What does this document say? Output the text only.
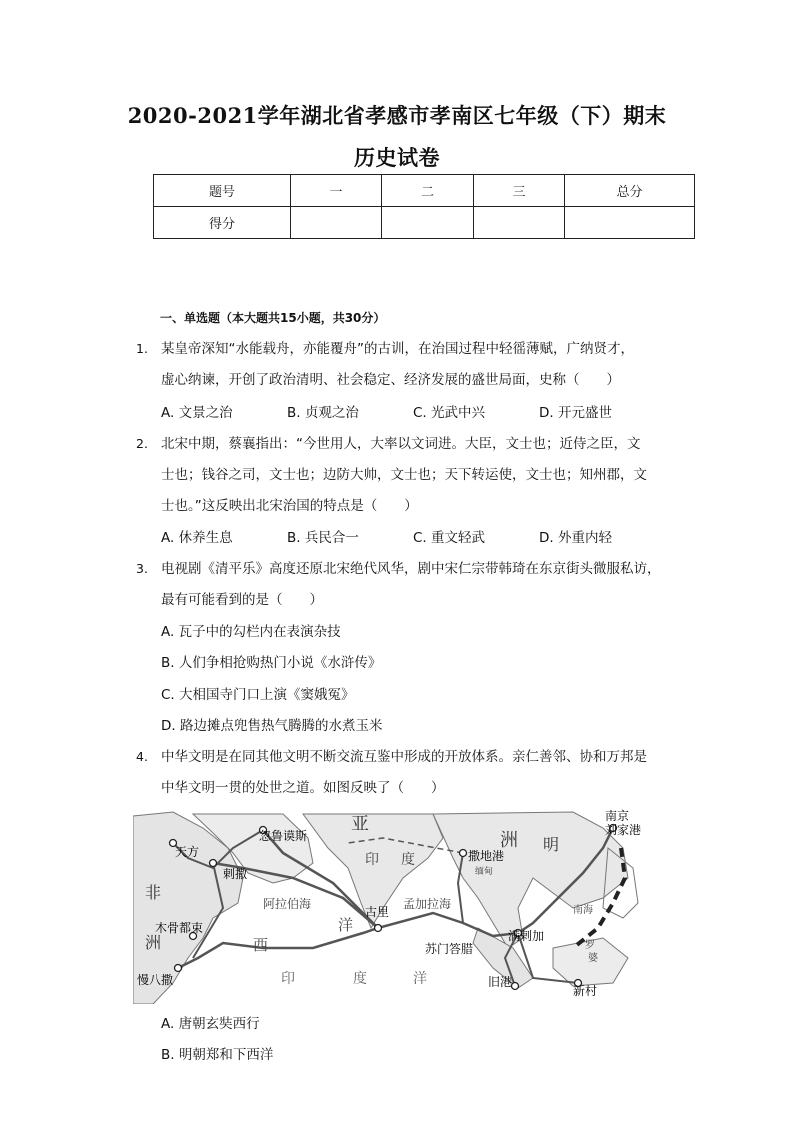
2020-2021学年湖北省孝感市孝南区七年级（下）期末
历史试卷
题号	一	二	三	总分
得分				
一、单选题（本大题共15小题，共30分）
1. 某皇帝深知“水能载舟，亦能覆舟”的古训，在治国过程中轻徭薄赋，广纳贤才，
虚心纳谏，开创了政治清明、社会稳定、经济发展的盛世局面，史称（　　）
A. 文景之治	B. 贞观之治	C. 光武中兴	D. 开元盛世
2. 北宋中期，蔡襄指出：“今世用人，大率以文词进。大臣，文士也；近侍之臣，文
士也；钱谷之司，文士也；边防大帅，文士也；天下转运使，文士也；知州郡，文
士也。”这反映出北宋治国的特点是（　　）
A. 休养生息	B. 兵民合一	C. 重文轻武	D. 外重内轻
3. 电视剧《清平乐》高度还原北宋绝代风华，剧中宋仁宗带韩琦在东京街头微服私访，
最有可能看到的是（　　）
A. 瓦子中的勾栏内在表演杂技
B. 人们争相抢购热门小说《水浒传》
C. 大相国寺门口上演《窦娥冤》
D. 路边摊点兜售热气腾腾的水煮玉米
4. 中华文明是在同其他文明不断交流互鉴中形成的开放体系。亲仁善邻、协和万邦是
中华文明一贯的处世之道。如图反映了（　　）
忽鲁谟斯
天方
剌撒
非
洲
木骨都束
慢八撒
阿拉伯海
西
洋
印	度	洋
亚
洲
印 度
明
南京
刘家港
撒地港
缅甸
古里
孟加拉海
苏门答腊
满剌加
旧港
新村
南海
罗
婆
A. 唐朝玄奘西行
B. 明朝郑和下西洋
